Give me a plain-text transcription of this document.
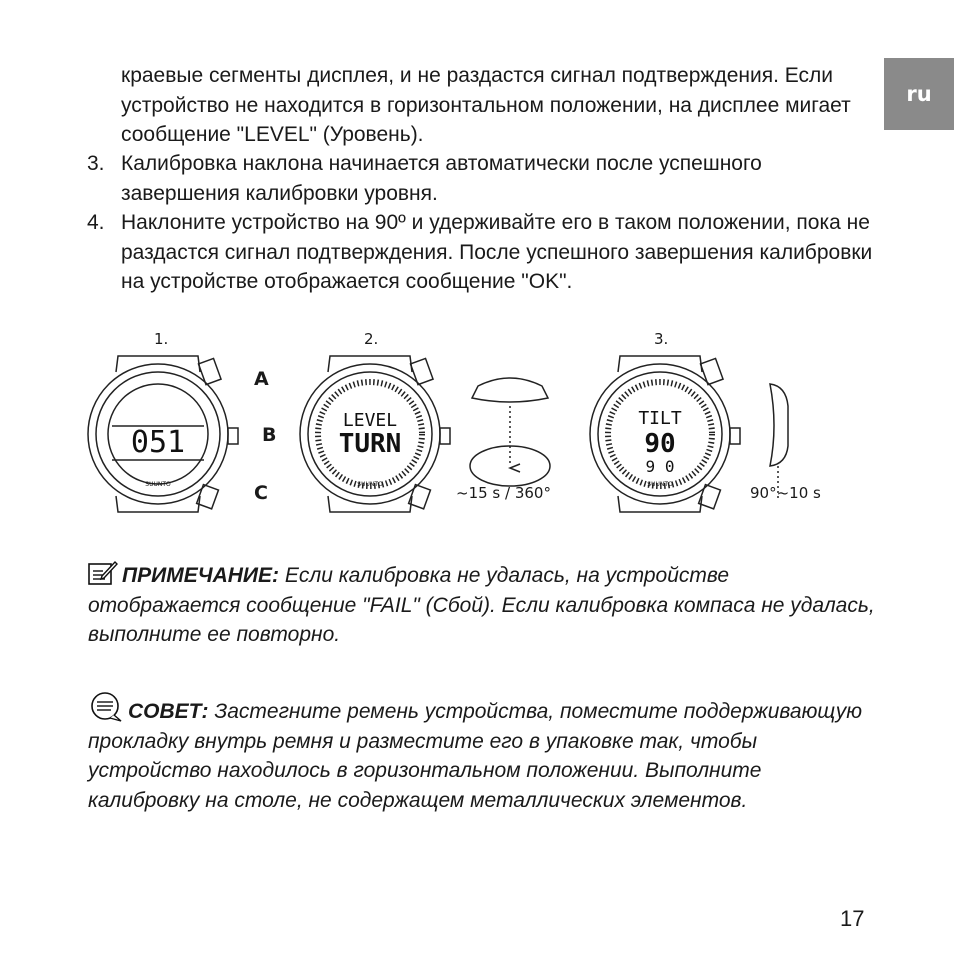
ru

краевые сегменты дисплея, и не раздастся сигнал подтверждения. Если устройство не находится в горизонтальном положении, на дисплее мигает сообщение "LEVEL" (Уровень).

3. Калибровка наклона начинается автоматически после успешного завершения калибровки уровня.

4. Наклоните устройство на 90º и удерживайте его в таком положении, пока не раздастся сигнал подтверждения. После успешного завершения калибровки на устройстве отображается сообщение "OK".

051
LEVEL
TURN
TILT
90
9 0
SUUNTO	SUUNTO	SUUNTO
1.	2.	3.
A
B
C	~15 s / 360°	90°~10 s
ПРИМЕЧАНИЕ: Если калибровка не удалась, на устройстве отображается сообщение "FAIL" (Сбой). Если калибровка компаса не удалась, выполните ее повторно.
СОВЕТ: Застегните ремень устройства, поместите поддерживающую прокладку внутрь ремня и разместите его в упаковке так, чтобы устройство находилось в горизонтальном положении. Выполните калибровку на столе, не содержащем металлических элементов.
17
